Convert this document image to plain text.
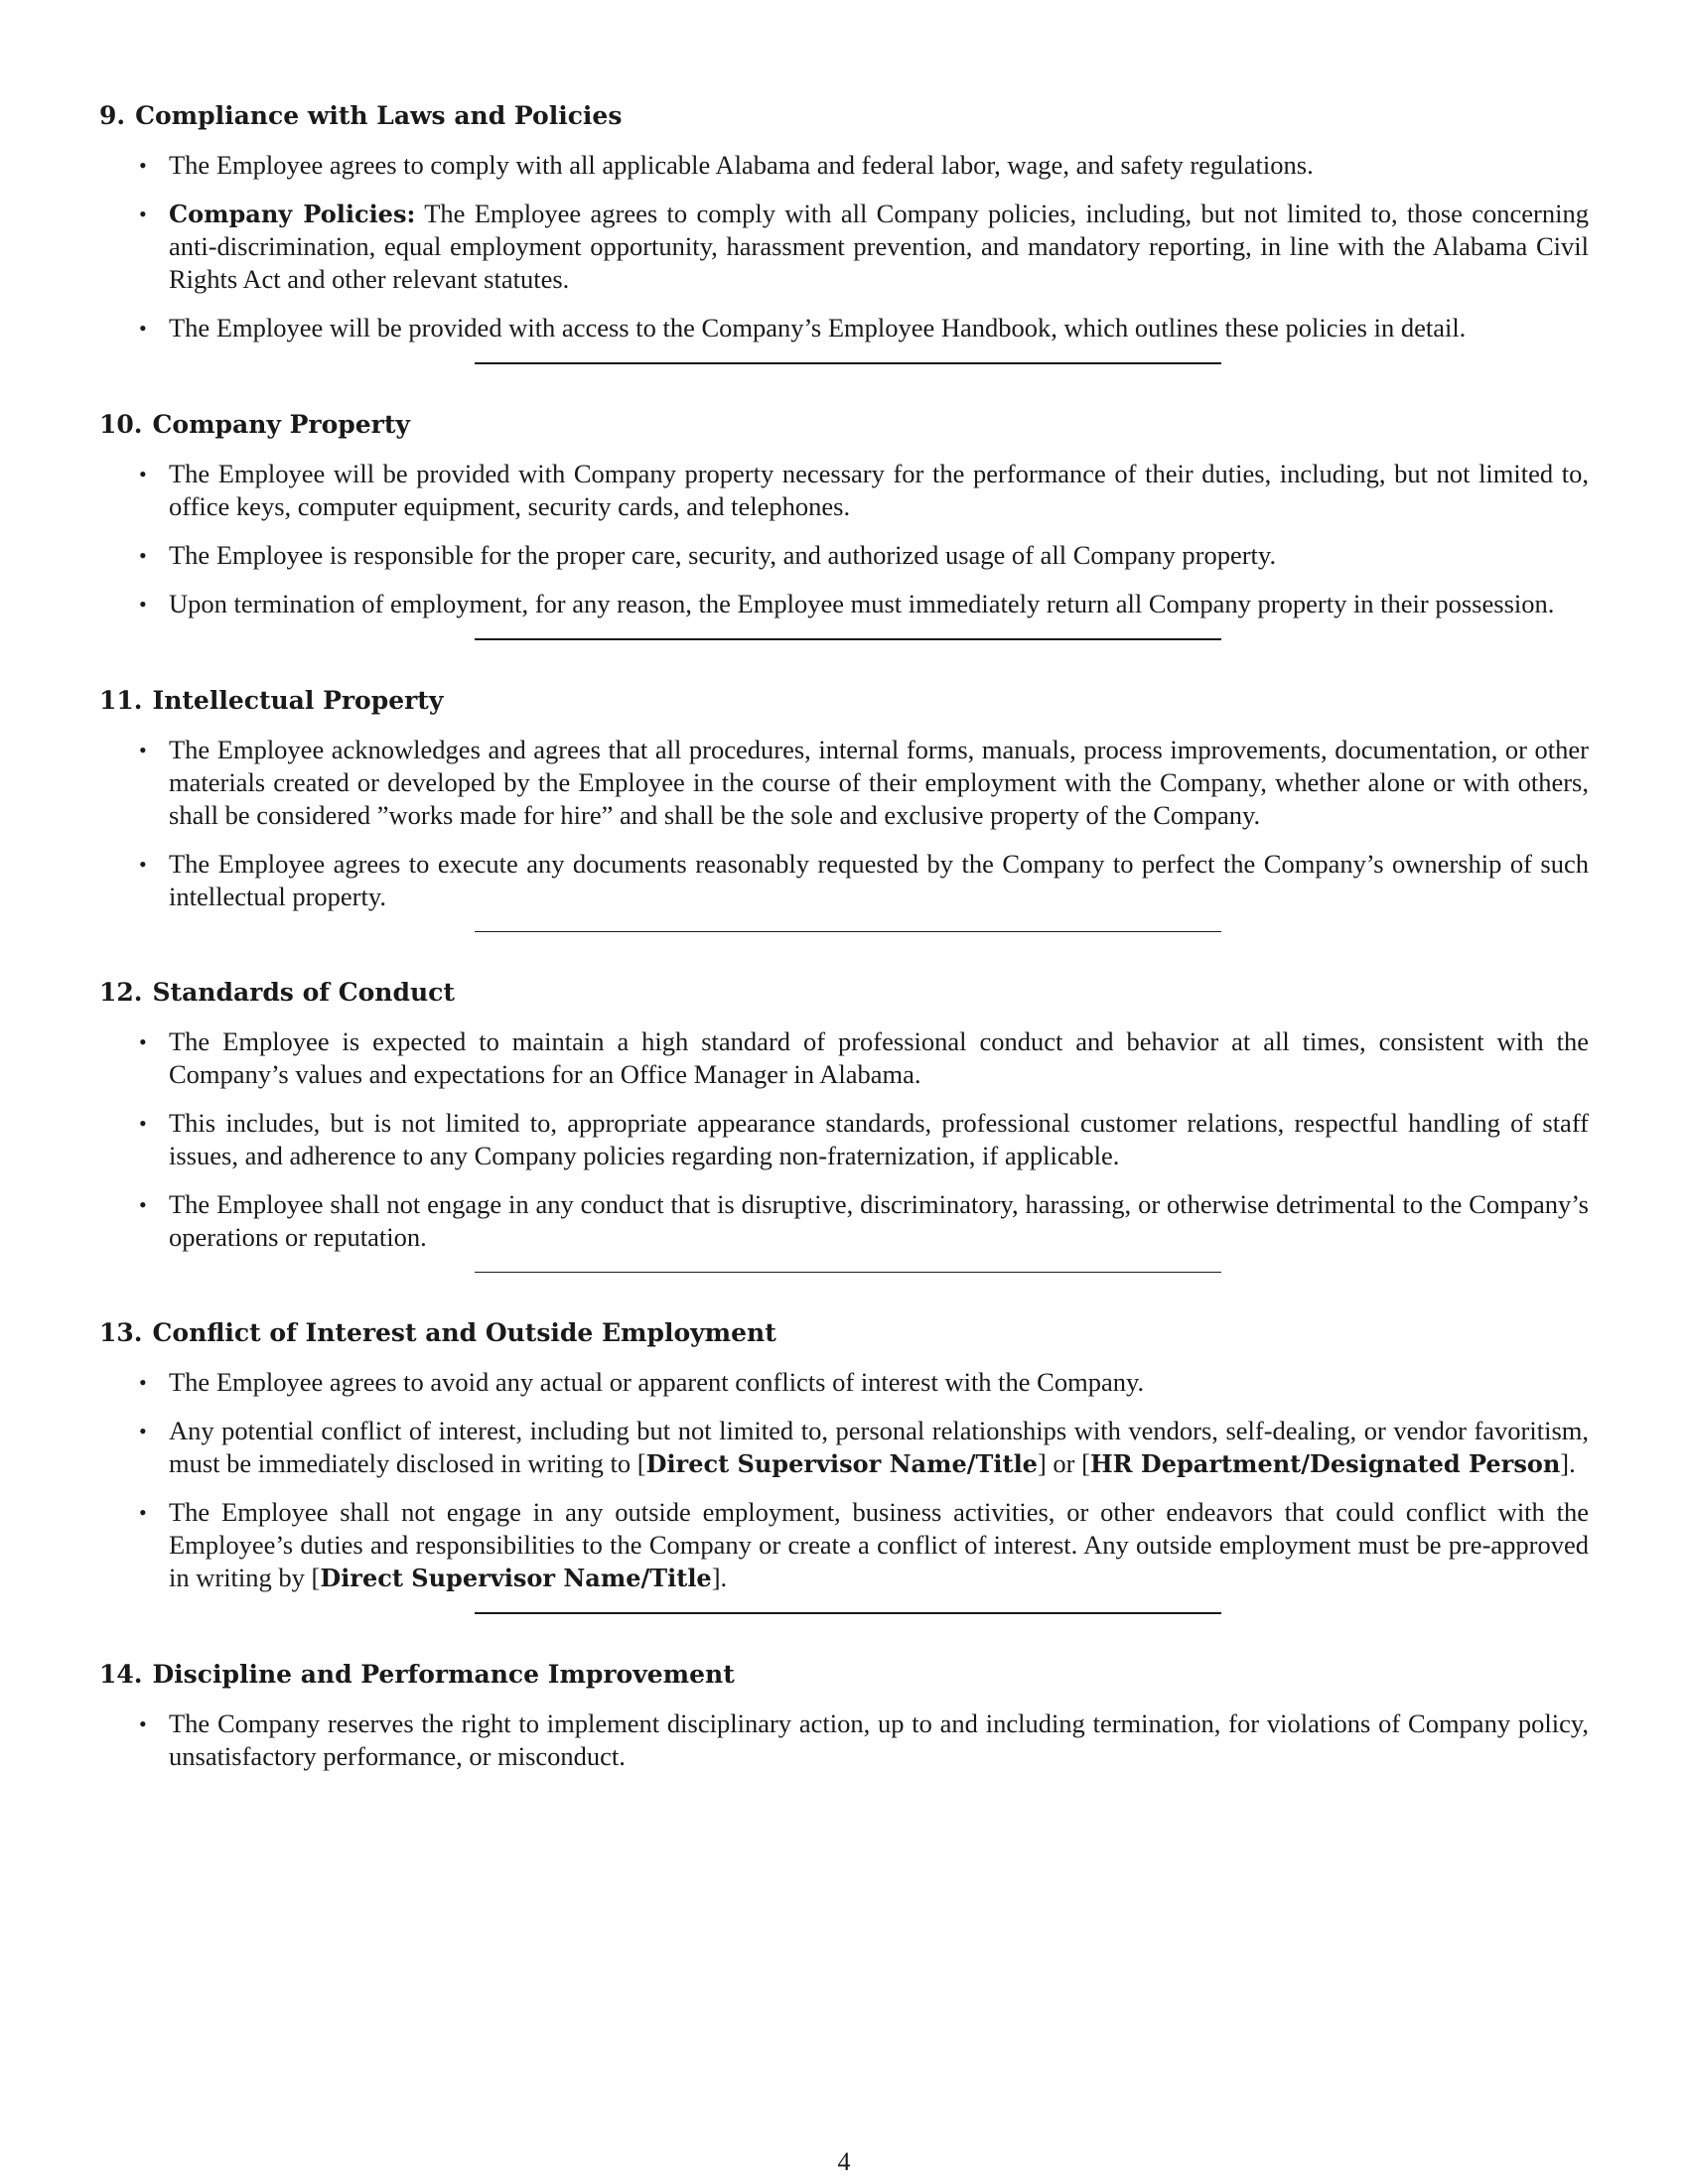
9. Compliance with Laws and Policies
• The Employee agrees to comply with all applicable Alabama and federal labor, wage, and safety regulations.
• Company Policies: The Employee agrees to comply with all Company policies, including, but not limited to, those concerning anti-discrimination, equal employment opportunity, harassment prevention, and mandatory reporting, in line with the Alabama Civil Rights Act and other relevant statutes.
• The Employee will be provided with access to the Company’s Employee Handbook, which outlines these policies in detail.
10. Company Property
• The Employee will be provided with Company property necessary for the performance of their duties, including, but not limited to, office keys, computer equipment, security cards, and telephones.
• The Employee is responsible for the proper care, security, and authorized usage of all Company property.
• Upon termination of employment, for any reason, the Employee must immediately return all Company property in their possession.
11. Intellectual Property
• The Employee acknowledges and agrees that all procedures, internal forms, manuals, process improvements, documentation, or other materials created or developed by the Employee in the course of their employment with the Company, whether alone or with others, shall be considered ”works made for hire” and shall be the sole and exclusive property of the Company.
• The Employee agrees to execute any documents reasonably requested by the Company to perfect the Company’s ownership of such intellectual property.
12. Standards of Conduct
• The Employee is expected to maintain a high standard of professional conduct and behavior at all times, consistent with the Company’s values and expectations for an Office Manager in Alabama.
• This includes, but is not limited to, appropriate appearance standards, professional customer relations, respectful handling of staff issues, and adherence to any Company policies regarding non-fraternization, if applicable.
• The Employee shall not engage in any conduct that is disruptive, discriminatory, harassing, or otherwise detrimental to the Company’s operations or reputation.
13. Conflict of Interest and Outside Employment
• The Employee agrees to avoid any actual or apparent conflicts of interest with the Company.
• Any potential conflict of interest, including but not limited to, personal relationships with vendors, self-dealing, or vendor favoritism, must be immediately disclosed in writing to [Direct Supervisor Name/Title] or [HR Department/Designated Person].
• The Employee shall not engage in any outside employment, business activities, or other endeavors that could conflict with the Employee’s duties and responsibilities to the Company or create a conflict of interest. Any outside employment must be pre-approved in writing by [Direct Supervisor Name/Title].
14. Discipline and Performance Improvement
• The Company reserves the right to implement disciplinary action, up to and including termination, for violations of Company policy, unsatisfactory performance, or misconduct.
4
